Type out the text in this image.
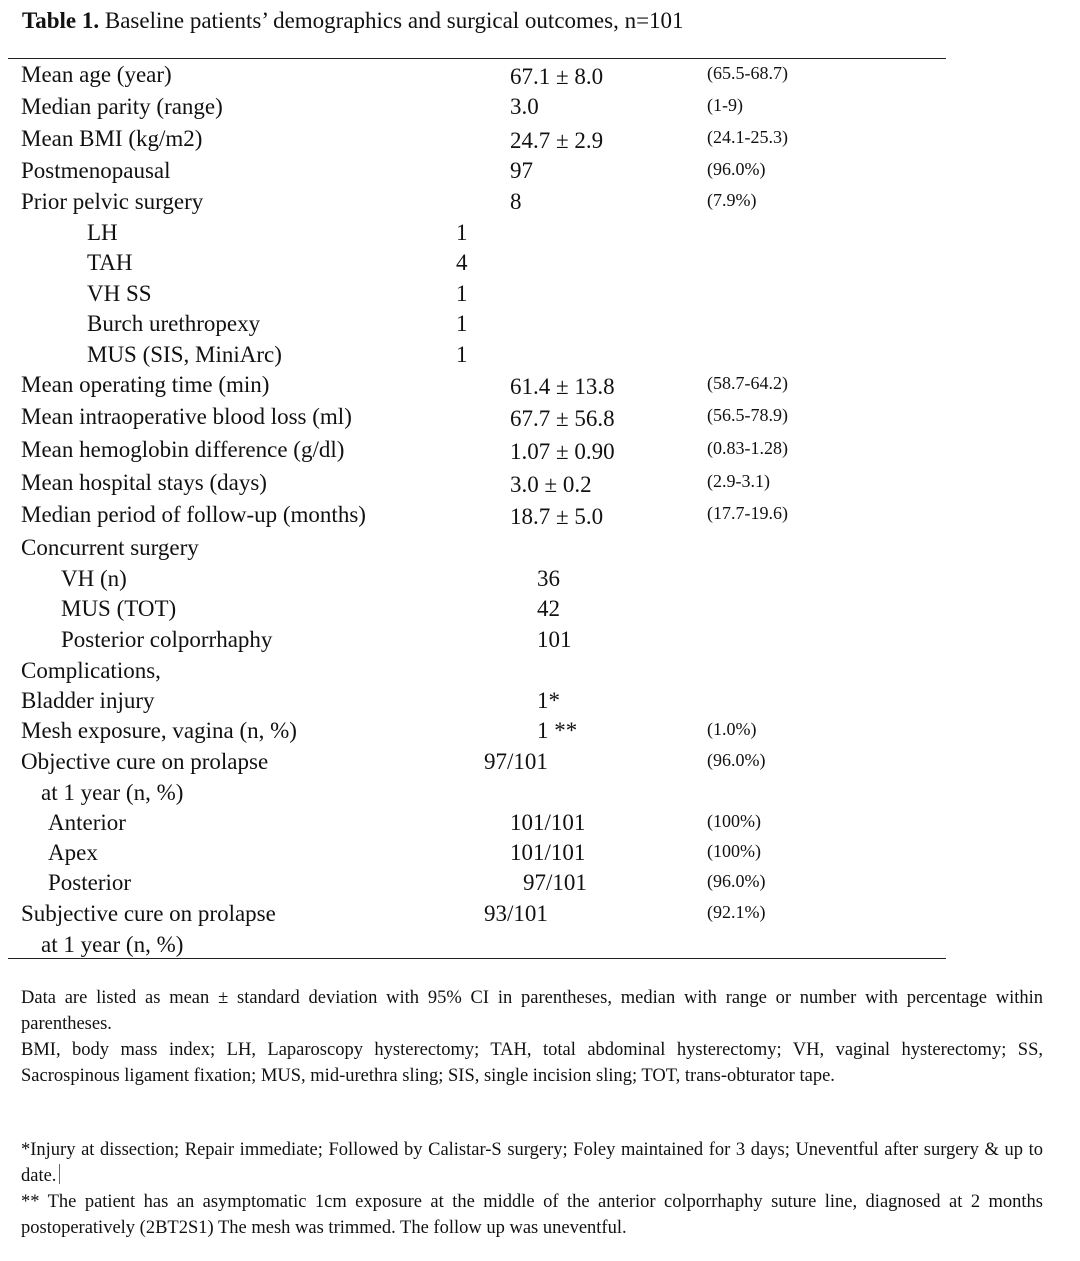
Table 1. Baseline patients’ demographics and surgical outcomes, n=101
Mean age (year)	67.1 ± 8.0	(65.5-68.7)
Median parity (range)	3.0	(1-9)
Mean BMI (kg/m2)	24.7 ± 2.9	(24.1-25.3)
Postmenopausal	97	(96.0%)
Prior pelvic surgery	8	(7.9%)
LH	1
TAH	4
VH SS	1
Burch urethropexy	1
MUS (SIS, MiniArc)	1
Mean operating time (min)	61.4 ± 13.8	(58.7-64.2)
Mean intraoperative blood loss (ml)	67.7 ± 56.8	(56.5-78.9)
Mean hemoglobin difference (g/dl)	1.07 ± 0.90	(0.83-1.28)
Mean hospital stays (days)	3.0 ± 0.2	(2.9-3.1)
Median period of follow-up (months)	18.7 ± 5.0	(17.7-19.6)
Concurrent surgery
VH (n)	36
MUS (TOT)	42
Posterior colporrhaphy	101
Complications,
Bladder injury	1*
Mesh exposure, vagina (n, %)	1 **	(1.0%)
Objective cure on prolapse	97/101	(96.0%)
at 1 year (n, %)
Anterior	101/101	(100%)
Apex	101/101	(100%)
Posterior	97/101	(96.0%)
Subjective cure on prolapse	93/101	(92.1%)
at 1 year (n, %)

Data are listed as mean ± standard deviation with 95% CI in parentheses, median with range or number with percentage within parentheses.

BMI, body mass index; LH, Laparoscopy hysterectomy; TAH, total abdominal hysterectomy; VH, vaginal hysterectomy; SS, Sacrospinous ligament fixation; MUS, mid-urethra sling; SIS, single incision sling; TOT, trans-obturator tape.

*Injury at dissection; Repair immediate; Followed by Calistar-S surgery; Foley maintained for 3 days; Uneventful after surgery & up to date.

** The patient has an asymptomatic 1cm exposure at the middle of the anterior colporrhaphy suture line, diagnosed at 2 months postoperatively (2BT2S1) The mesh was trimmed. The follow up was uneventful.
